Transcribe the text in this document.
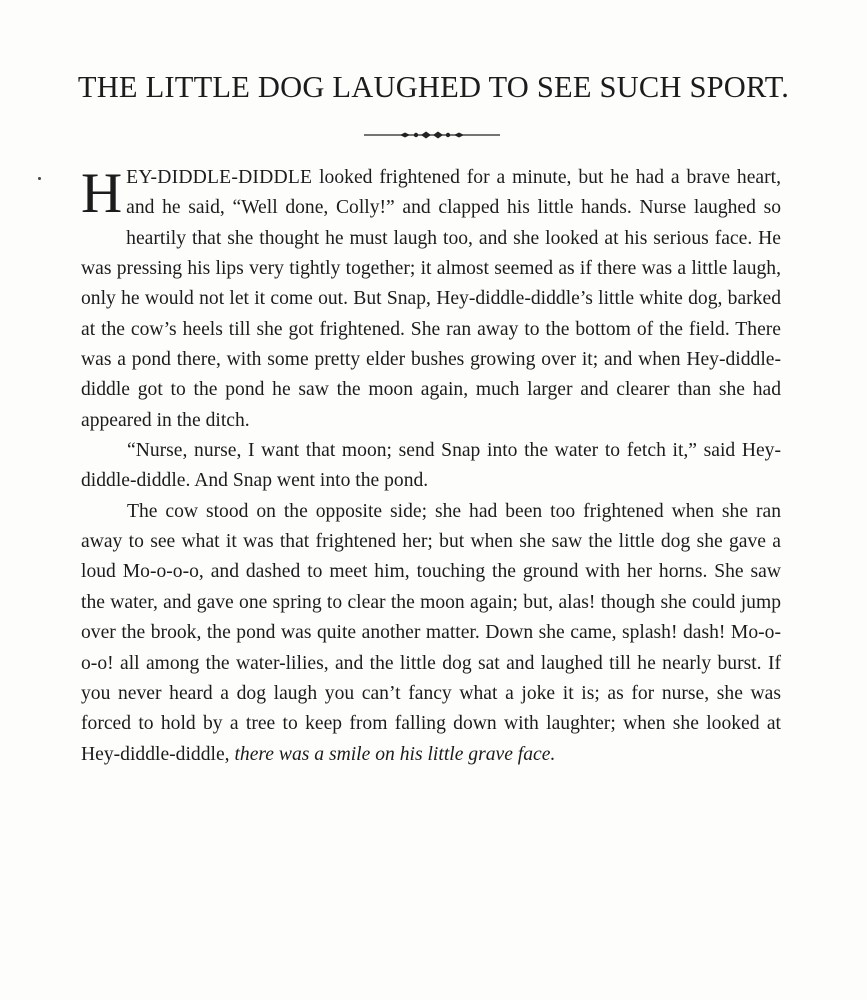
THE LITTLE DOG LAUGHED TO SEE SUCH SPORT.

HEY-DIDDLE-DIDDLE looked frightened for a minute, but he had a brave heart, and he said, “Well done, Colly!” and clapped his little hands. Nurse laughed so heartily that she thought he must laugh too, and she looked at his serious face. He was pressing his lips very tightly together; it almost seemed as if there was a little laugh, only he would not let it come out. But Snap, Hey-diddle-diddle’s little white dog, barked at the cow’s heels till she got frightened. She ran away to the bottom of the field. There was a pond there, with some pretty elder bushes growing over it; and when Hey-diddle-diddle got to the pond he saw the moon again, much larger and clearer than she had appeared in the ditch.

“Nurse, nurse, I want that moon; send Snap into the water to fetch it,” said Hey-diddle-diddle. And Snap went into the pond.

The cow stood on the opposite side; she had been too frightened when she ran away to see what it was that frightened her; but when she saw the little dog she gave a loud Mo-o-o-o, and dashed to meet him, touching the ground with her horns. She saw the water, and gave one spring to clear the moon again; but, alas! though she could jump over the brook, the pond was quite another matter. Down she came, splash! dash! Mo-o-o-o! all among the water-lilies, and the little dog sat and laughed till he nearly burst. If you never heard a dog laugh you can’t fancy what a joke it is; as for nurse, she was forced to hold by a tree to keep from falling down with laughter; when she looked at Hey-diddle-diddle, there was a smile on his little grave face.
